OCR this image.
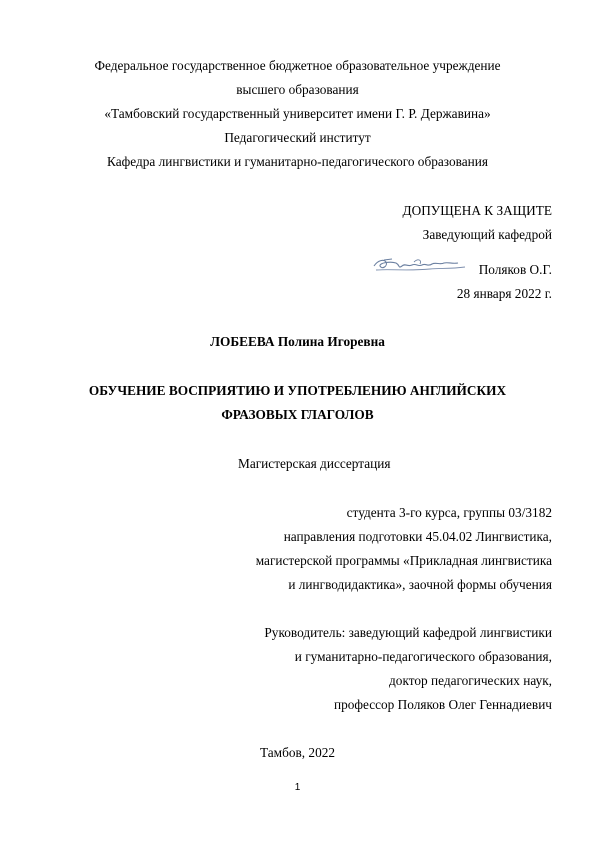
Федеральное государственное бюджетное образовательное учреждение
высшего образования
«Тамбовский государственный университет имени Г. Р. Державина»
Педагогический институт
Кафедра лингвистики и гуманитарно-педагогического образования
ДОПУЩЕНА К ЗАЩИТЕ
Заведующий кафедрой
Поляков О.Г.
28 января 2022 г.
ЛОБЕЕВА Полина Игоревна
ОБУЧЕНИЕ ВОСПРИЯТИЮ И УПОТРЕБЛЕНИЮ АНГЛИЙСКИХ
ФРАЗОВЫХ ГЛАГОЛОВ
Магистерская диссертация
студента 3-го курса, группы 03/3182
направления подготовки 45.04.02 Лингвистика,
магистерской программы «Прикладная лингвистика
и лингводидактика», заочной формы обучения
Руководитель: заведующий кафедрой лингвистики
и гуманитарно-педагогического образования,
доктор педагогических наук,
профессор Поляков Олег Геннадиевич
Тамбов, 2022
1
